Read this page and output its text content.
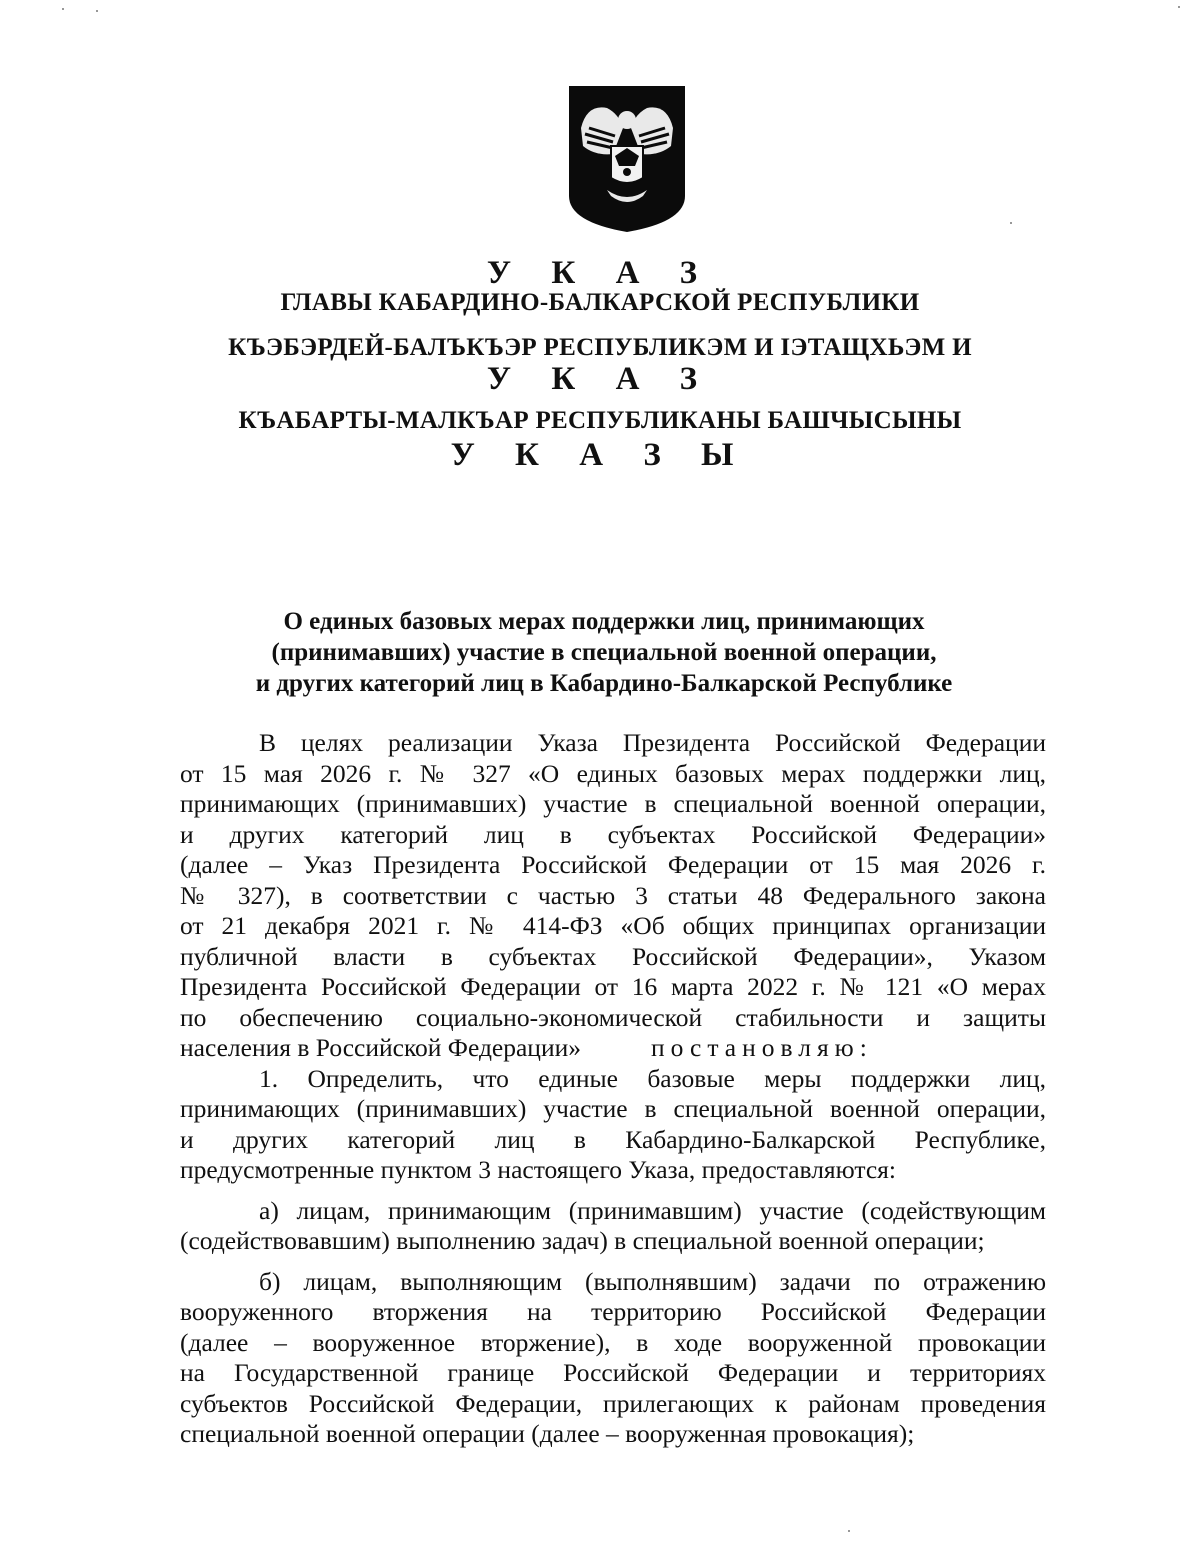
У К А З
ГЛАВЫ КАБАРДИНО-БАЛКАРСКОЙ РЕСПУБЛИКИ
КЪЭБЭРДЕЙ-БАЛЪКЪЭР РЕСПУБЛИКЭМ И IЭТАЩХЬЭМ И
У К А З
КЪАБАРТЫ-МАЛКЪАР РЕСПУБЛИКАНЫ БАШЧЫСЫНЫ
У К А З Ы
О единых базовых мерах поддержки лиц, принимающих
(принимавших) участие в специальной военной операции,
и других категорий лиц в Кабардино-Балкарской Республике
В целях реализации Указа Президента Российской Федерации
от 15 мая 2026 г. № 327 «О единых базовых мерах поддержки лиц,
принимающих (принимавших) участие в специальной военной операции,
и других категорий лиц в субъектах Российской Федерации»
(далее – Указ Президента Российской Федерации от 15 мая 2026 г.
№ 327), в соответствии с частью 3 статьи 48 Федерального закона
от 21 декабря 2021 г. № 414-ФЗ «Об общих принципах организации
публичной власти в субъектах Российской Федерации», Указом
Президента Российской Федерации от 16 марта 2022 г. № 121 «О мерах
по обеспечению социально-экономической стабильности и защиты
населения в Российской Федерации»	постановляю:
1. Определить, что единые базовые меры поддержки лиц,
принимающих (принимавших) участие в специальной военной операции,
и других категорий лиц в Кабардино-Балкарской Республике,
предусмотренные пунктом 3 настоящего Указа, предоставляются:
а) лицам, принимающим (принимавшим) участие (содействующим
(содействовавшим) выполнению задач) в специальной военной операции;
б) лицам, выполняющим (выполнявшим) задачи по отражению
вооруженного вторжения на территорию Российской Федерации
(далее – вооруженное вторжение), в ходе вооруженной провокации
на Государственной границе Российской Федерации и территориях
субъектов Российской Федерации, прилегающих к районам проведения
специальной военной операции (далее – вооруженная провокация);
